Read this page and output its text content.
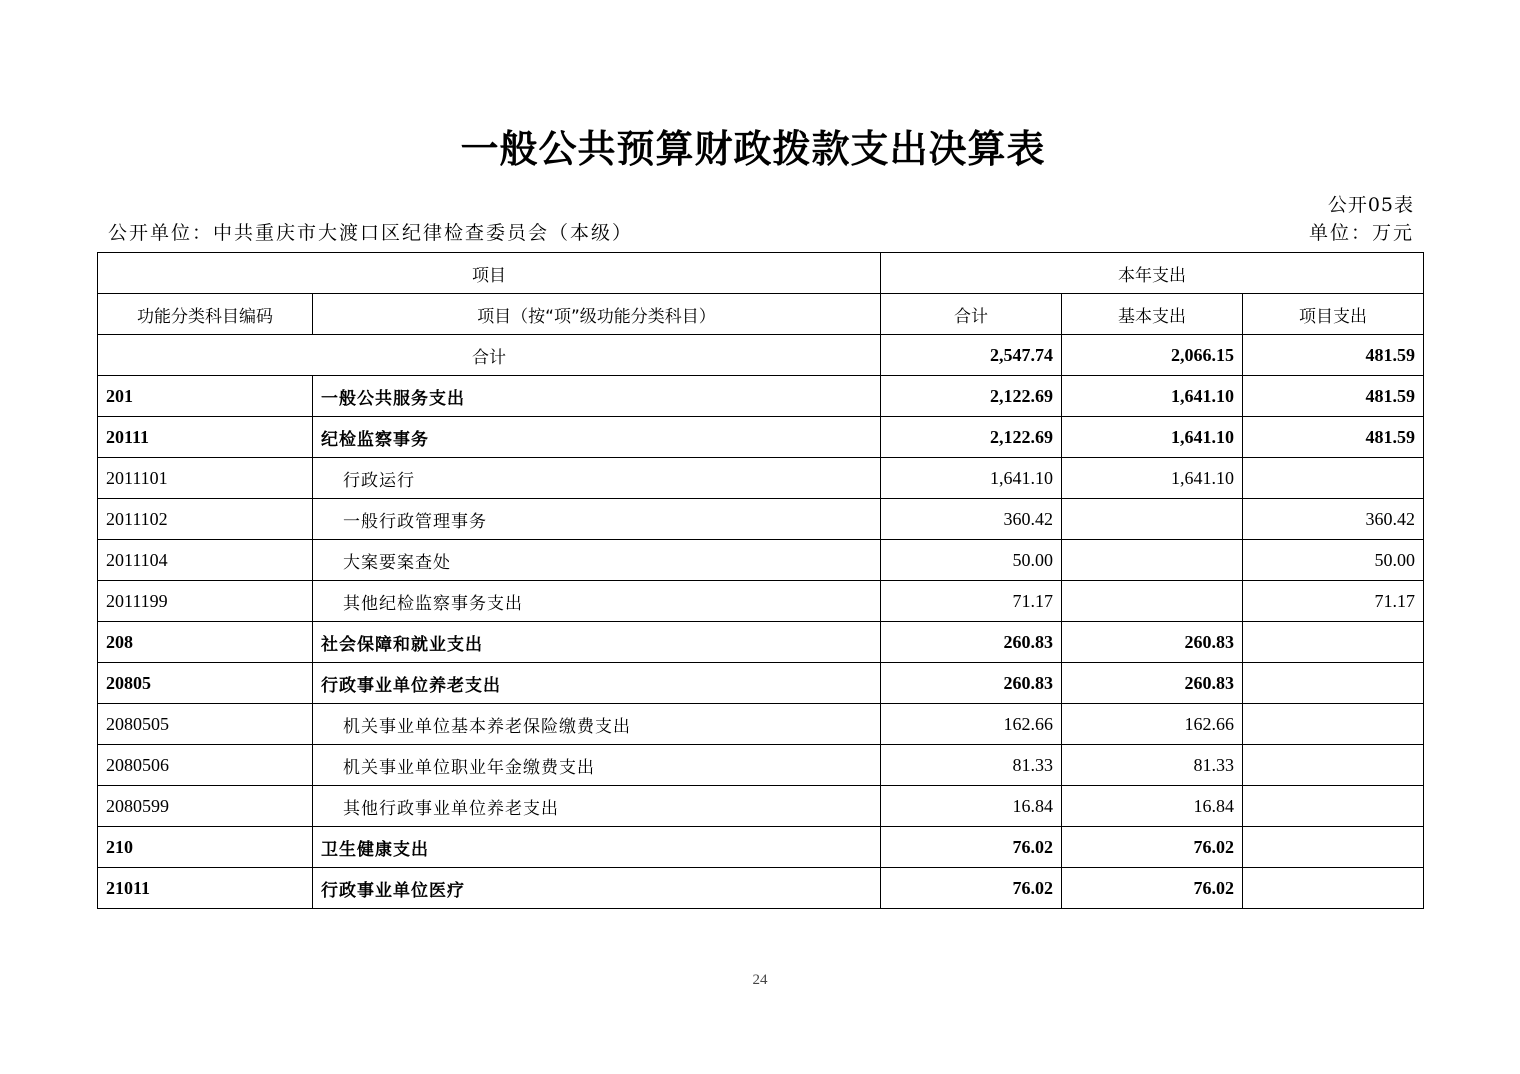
一般公共预算财政拨款支出决算表
公开05表
公开单位：中共重庆市大渡口区纪律检查委员会（本级）	单位：万元
项目		本年支出		
功能分类科目编码	项目（按“项”级功能分类科目）	合计	基本支出	项目支出
合计		2,547.74	2,066.15	481.59
201	一般公共服务支出	2,122.69	1,641.10	481.59
20111	纪检监察事务	2,122.69	1,641.10	481.59
2011101	行政运行	1,641.10	1,641.10	
2011102	一般行政管理事务	360.42		360.42
2011104	大案要案查处	50.00		50.00
2011199	其他纪检监察事务支出	71.17		71.17
208	社会保障和就业支出	260.83	260.83	
20805	行政事业单位养老支出	260.83	260.83	
2080505	机关事业单位基本养老保险缴费支出	162.66	162.66	
2080506	机关事业单位职业年金缴费支出	81.33	81.33	
2080599	其他行政事业单位养老支出	16.84	16.84	
210	卫生健康支出	76.02	76.02	
21011	行政事业单位医疗	76.02	76.02	
24
